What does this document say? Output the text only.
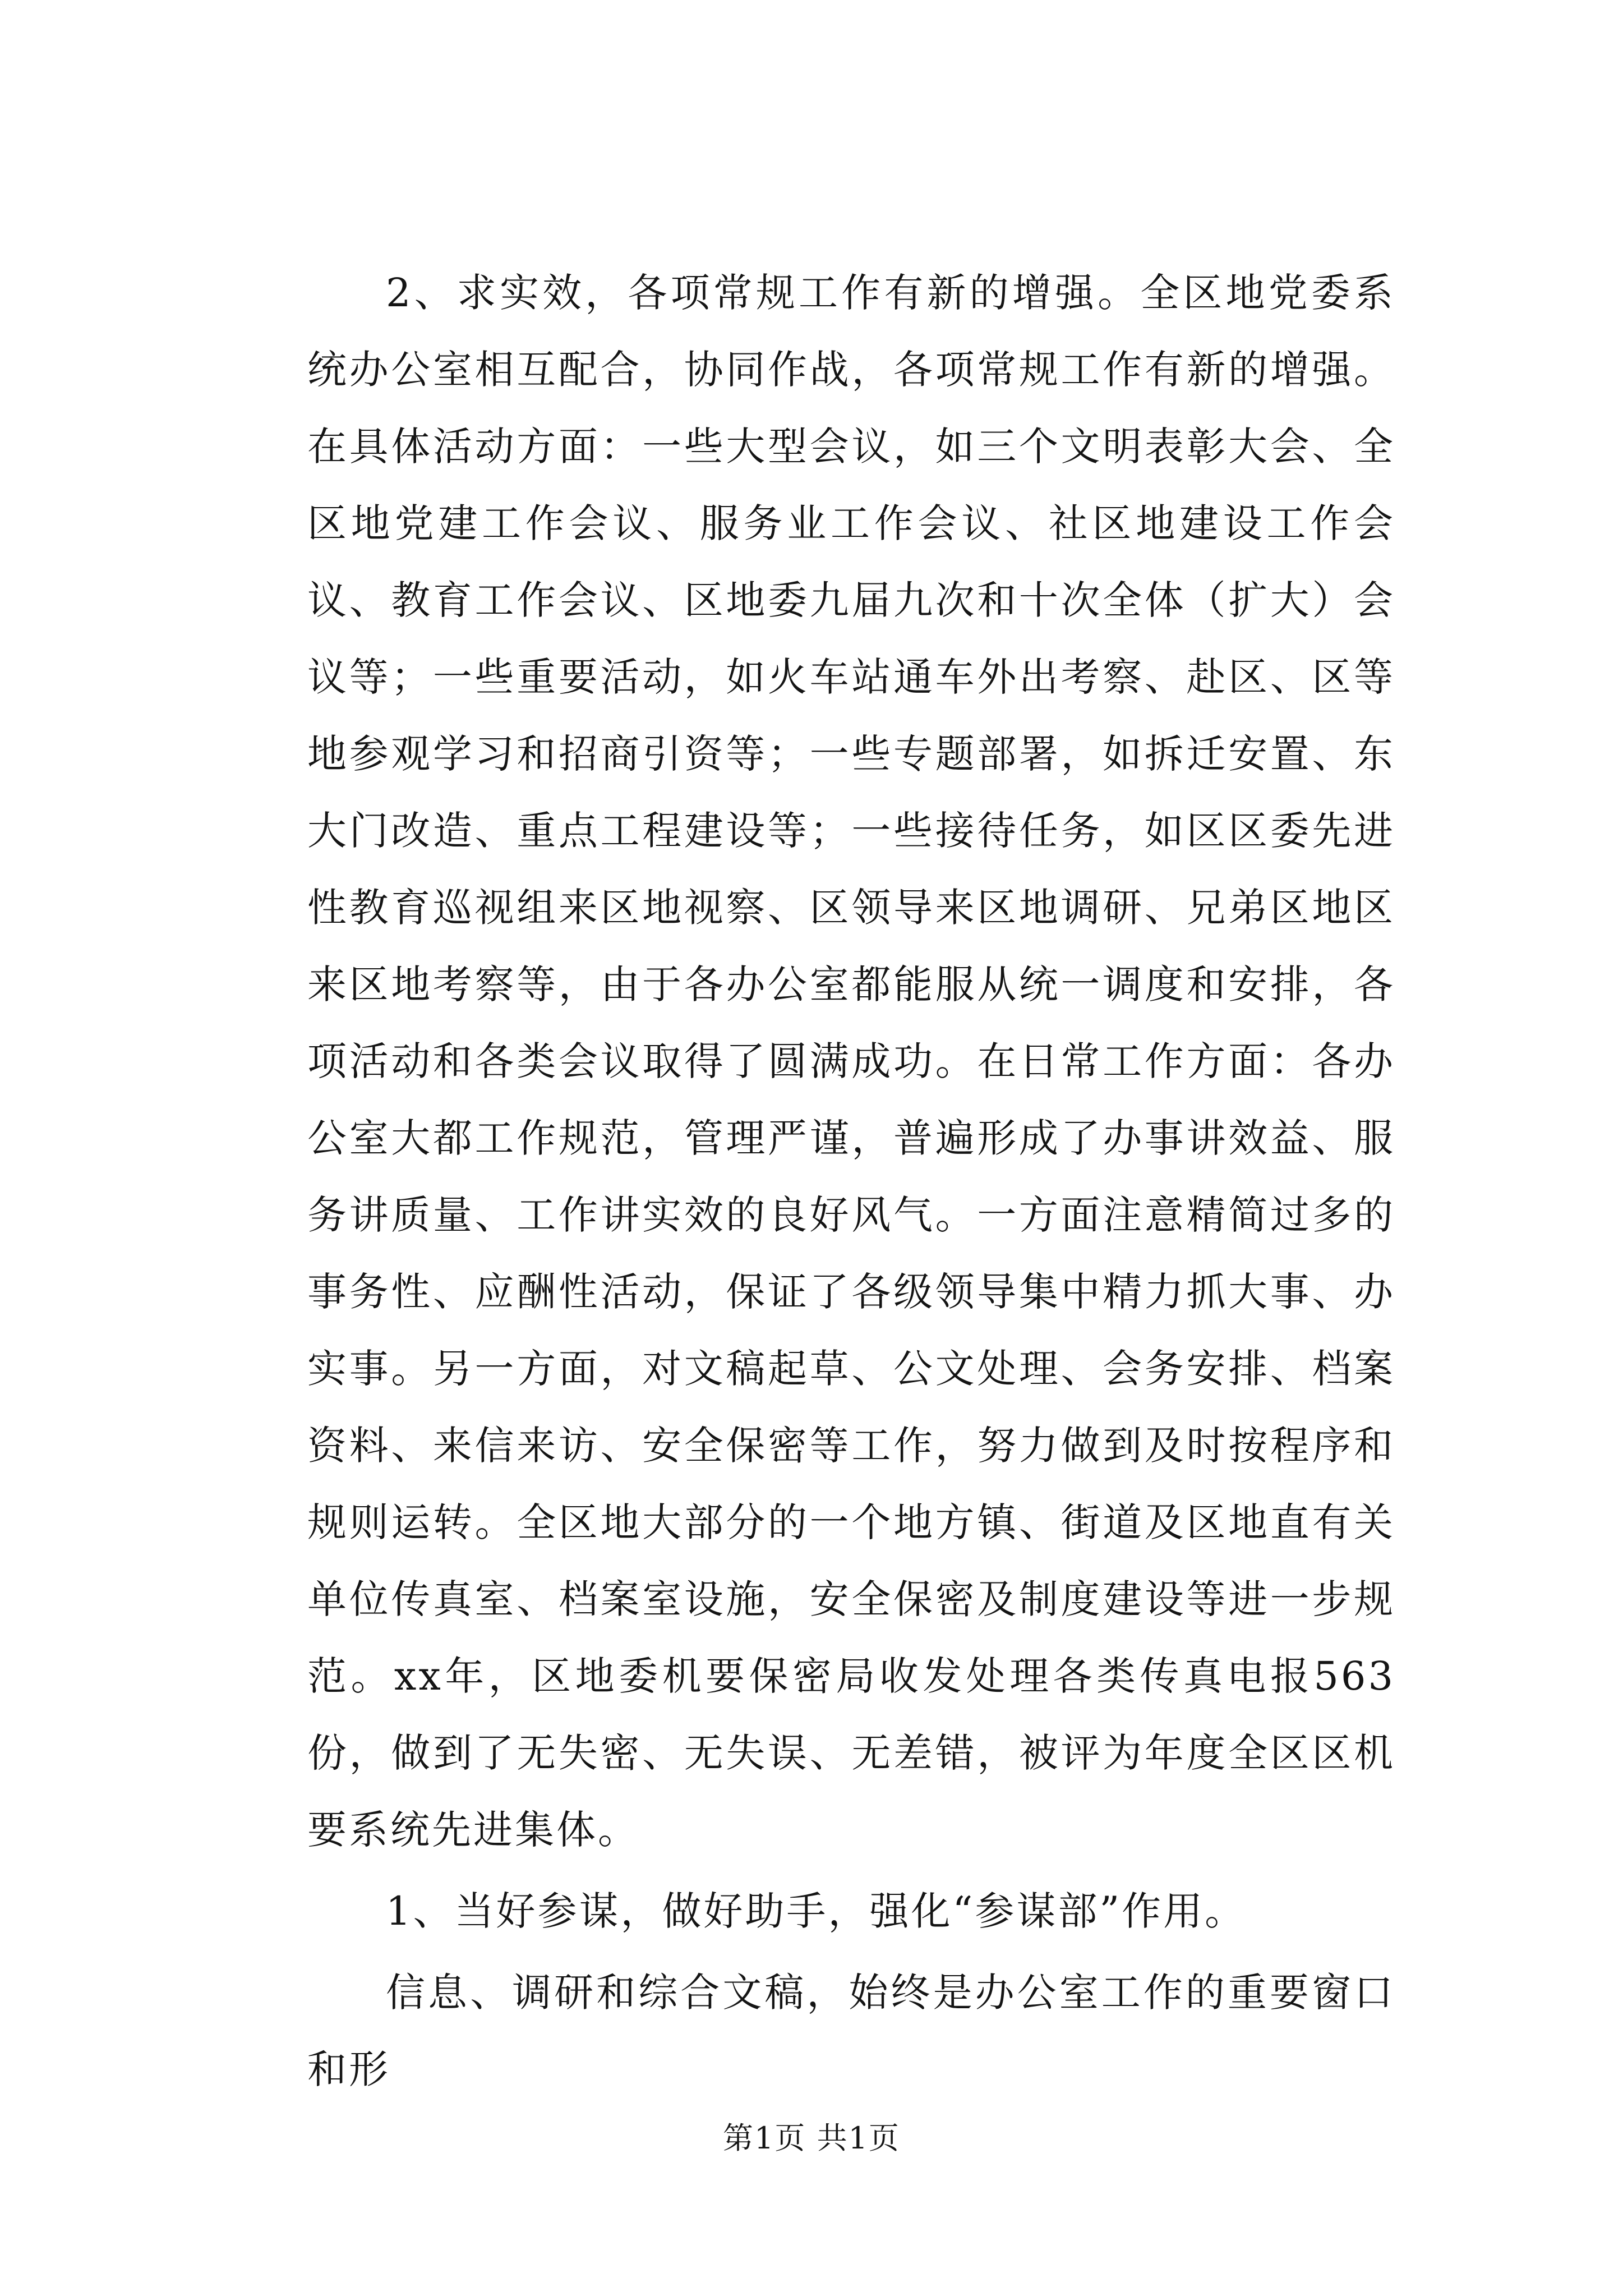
2、求实效，各项常规工作有新的增强。全区地党委系统办公室相互配合，协同作战，各项常规工作有新的增强。在具体活动方面：一些大型会议，如三个文明表彰大会、全区地党建工作会议、服务业工作会议、社区地建设工作会议、教育工作会议、区地委九届九次和十次全体（扩大）会议等；一些重要活动，如火车站通车外出考察、赴区、区等地参观学习和招商引资等；一些专题部署，如拆迁安置、东大门改造、重点工程建设等；一些接待任务，如区区委先进性教育巡视组来区地视察、区领导来区地调研、兄弟区地区来区地考察等，由于各办公室都能服从统一调度和安排，各项活动和各类会议取得了圆满成功。在日常工作方面：各办公室大都工作规范，管理严谨，普遍形成了办事讲效益、服务讲质量、工作讲实效的良好风气。一方面注意精简过多的事务性、应酬性活动，保证了各级领导集中精力抓大事、办实事。另一方面，对文稿起草、公文处理、会务安排、档案资料、来信来访、安全保密等工作，努力做到及时按程序和规则运转。全区地大部分的一个地方镇、街道及区地直有关单位传真室、档案室设施，安全保密及制度建设等进一步规范。xx年，区地委机要保密局收发处理各类传真电报563份，做到了无失密、无失误、无差错，被评为年度全区区机要系统先进集体。

1、当好参谋，做好助手，强化“参谋部”作用。

信息、调研和综合文稿，始终是办公室工作的重要窗口和形

第1页 共1页
